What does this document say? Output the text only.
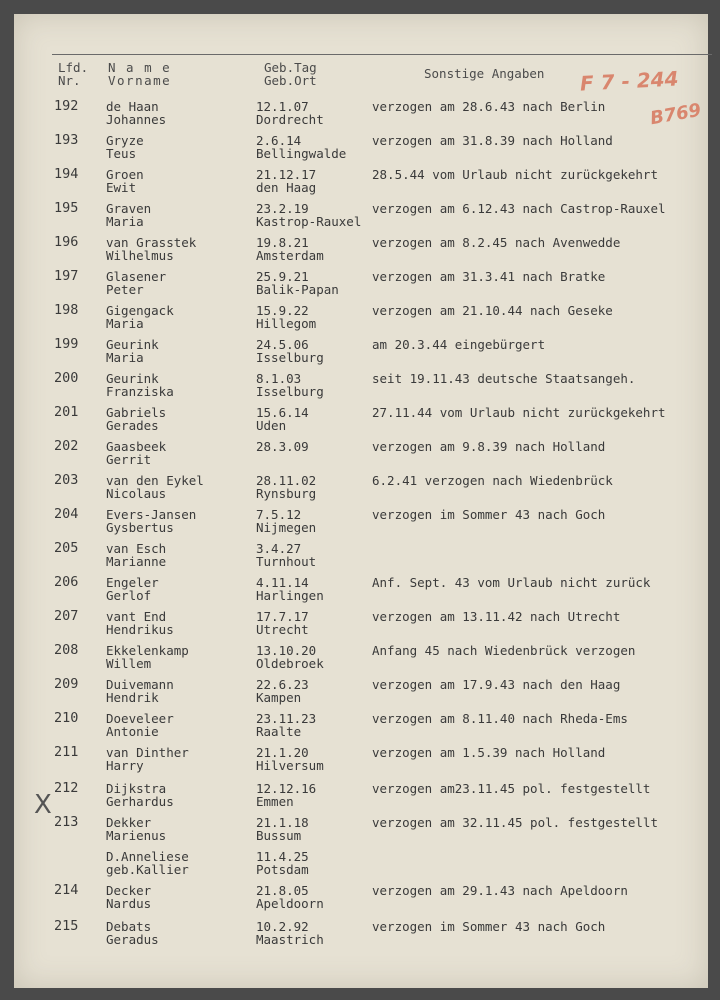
Lfd.
Nr.
N a m e
Vorname
Geb.Tag
Geb.Ort	Sonstige Angaben F 7 - 244
B769
X
192 de Haan
Johannes
12.1.07
Dordrecht
verzogen am 28.6.43 nach Berlin
193 Gryze
Teus
2.6.14
Bellingwalde
verzogen am 31.8.39 nach Holland
194 Groen
Ewit
21.12.17
den Haag
28.5.44 vom Urlaub nicht zurückgekehrt
195 Graven
Maria
23.2.19
Kastrop-Rauxel
verzogen am 6.12.43 nach Castrop-Rauxel
196 van Grasstek
Wilhelmus
19.8.21
Amsterdam
verzogen am 8.2.45 nach Avenwedde
197 Glasener
Peter
25.9.21
Balik-Papan
verzogen am 31.3.41 nach Bratke
198 Gigengack
Maria
15.9.22
Hillegom
verzogen am 21.10.44 nach Geseke
199 Geurink
Maria
24.5.06
Isselburg
am 20.3.44 eingebürgert
200 Geurink
Franziska
8.1.03
Isselburg
seit 19.11.43 deutsche Staatsangeh.
201 Gabriels
Gerades
15.6.14
Uden
27.11.44 vom Urlaub nicht zurückgekehrt
202 Gaasbeek
Gerrit
28.3.09	verzogen am 9.8.39 nach Holland
203 van den Eykel
Nicolaus
28.11.02
Rynsburg
6.2.41 verzogen nach Wiedenbrück
204 Evers-Jansen
Gysbertus
7.5.12
Nijmegen
verzogen im Sommer 43 nach Goch
205 van Esch
Marianne
3.4.27
Turnhout
206 Engeler
Gerlof
4.11.14
Harlingen
Anf. Sept. 43 vom Urlaub nicht zurück
207 vant End
Hendrikus
17.7.17
Utrecht
verzogen am 13.11.42 nach Utrecht
208 Ekkelenkamp
Willem
13.10.20
Oldebroek
Anfang 45 nach Wiedenbrück verzogen
209 Duivemann
Hendrik
22.6.23
Kampen
verzogen am 17.9.43 nach den Haag
210 Doeveleer
Antonie
23.11.23
Raalte
verzogen am 8.11.40 nach Rheda-Ems
211 van Dinther
Harry
21.1.20
Hilversum
verzogen am 1.5.39 nach Holland
212 Dijkstra
Gerhardus
12.12.16
Emmen
verzogen am23.11.45 pol. festgestellt
213 Dekker
Marienus
21.1.18
Bussum
verzogen am 32.11.45 pol. festgestellt
D.Anneliese
geb.Kallier
11.4.25
Potsdam
214 Decker
Nardus
21.8.05
Apeldoorn
verzogen am 29.1.43 nach Apeldoorn
215 Debats
Geradus
10.2.92
Maastrich
verzogen im Sommer 43 nach Goch
